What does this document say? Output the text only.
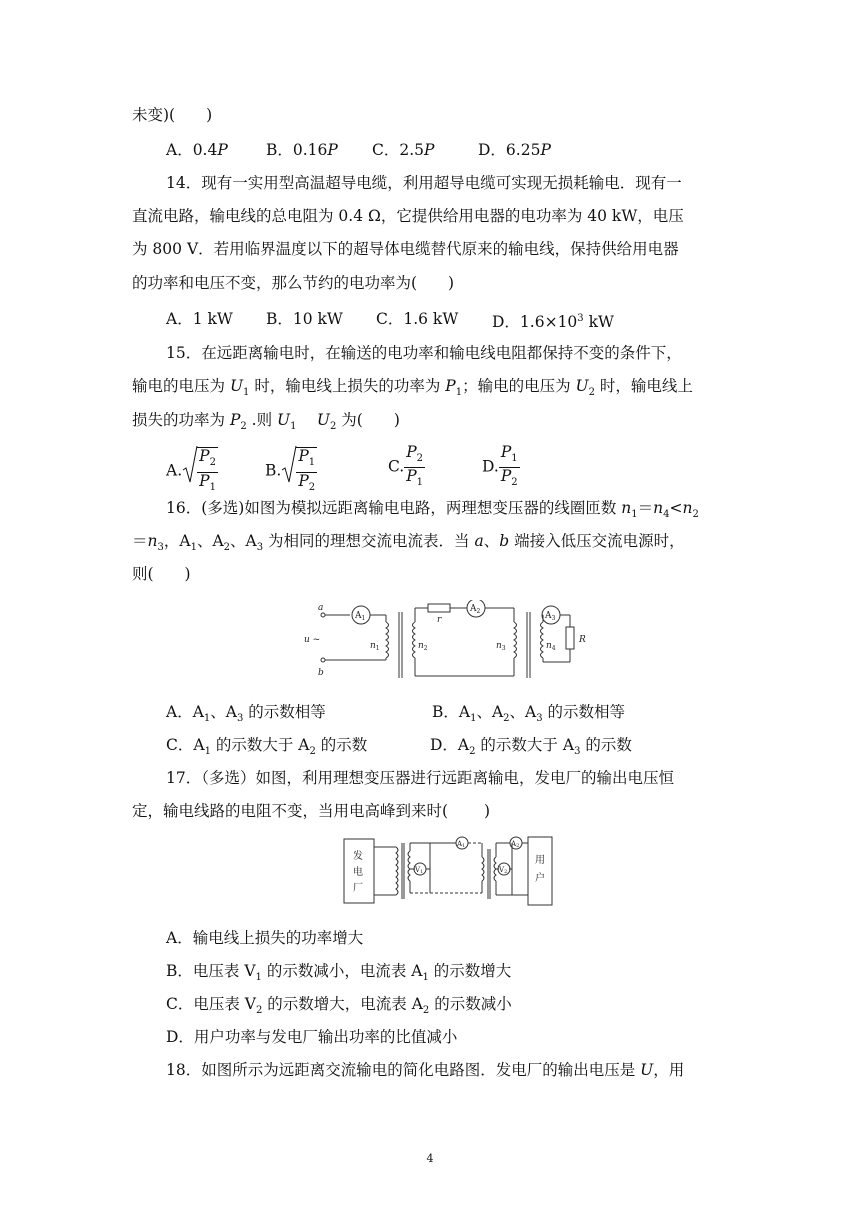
未变)(　　)
A．0.4P B．0.16P C．2.5P	D．6.25P
14．现有一实用型高温超导电缆，利用超导电缆可实现无损耗输电．现有一
直流电路，输电线的总电阻为 0.4 Ω，它提供给用电器的电功率为 40 kW，电压
为 800 V．若用临界温度以下的超导体电缆替代原来的输电线，保持供给用电器
的功率和电压不变，那么节约的电功率为(　　)
A．1 kW B．10 kW C．1.6 kW D．$1.6\times 10^3$ kW
15．在远距离输电时，在输送的电功率和输电线电阻都保持不变的条件下，
输电的电压为 $U_1$ 时，输电线上损失的功率为 $P_1$；输电的电压为 $U_2$ 时，输电线上
损失的功率为 $P_2$ .则 $U_1$　 $U_2$ 为(　　)
A. $\frac{P_2}{P_1}$	B. $\frac{P_1}{P_2}$	C. $\frac{P_2}{P_1}$	D. $\frac{P_1}{P_2}$
16．(多选)如图为模拟远距离输电电路，两理想变压器的线圈匝数 $n_1=n_4<n_2$
$=n_3$，$A_1$、$A_2$、$A_3$ 为相同的理想交流电流表．当 a、b 端接入低压交流电源时，
则(　　)
a
b
u ~
$A_1$
$A_2$	$A_3$
r
R
$n_1$	$n_2$	$n_3$	$n_4$
A．$A_1$、$A_3$ 的示数相等	B．$A_1$、$A_2$、$A_3$ 的示数相等
C．$A_1$ 的示数大于 $A_2$ 的示数	D．$A_2$ 的示数大于 $A_3$ 的示数
17．（多选）如图，利用理想变压器进行远距离输电，发电厂的输出电压恒
定，输电线路的电阻不变，当用电高峰到来时(　　 )
发
电
厂
用
户
V1	V2
A1	A2
A．输电线上损失的功率增大
B．电压表 $V_1$ 的示数减小，电流表 $A_1$ 的示数增大
C．电压表 $V_2$ 的示数增大，电流表 $A_2$ 的示数减小
D．用户功率与发电厂输出功率的比值减小
18．如图所示为远距离交流输电的简化电路图．发电厂的输出电压是 U，用
4
